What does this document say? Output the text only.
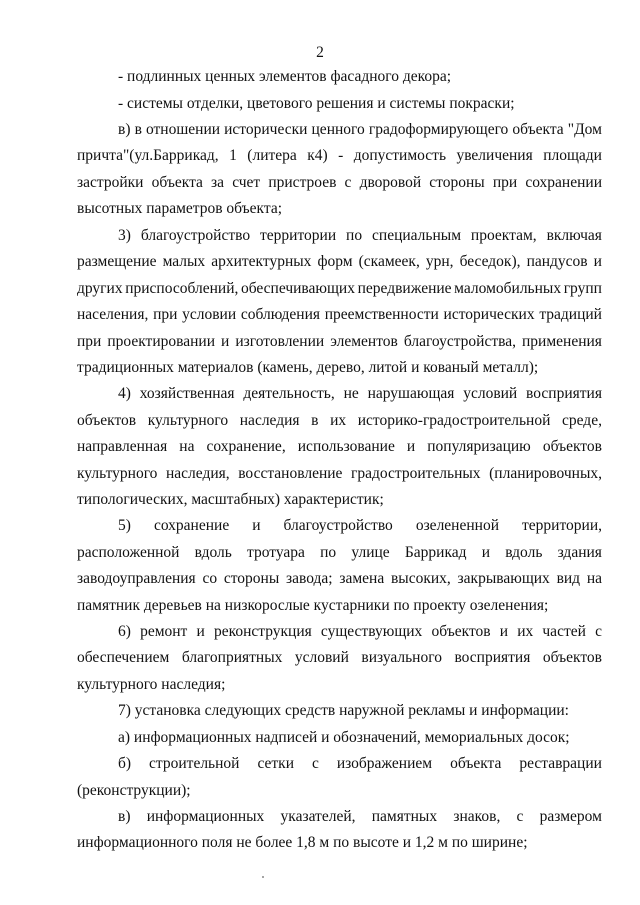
2
- подлинных ценных элементов фасадного декора;
- системы отделки, цветового решения и системы покраски;
в) в отношении исторически ценного градоформирующего объекта "Дом
причта"(ул.Баррикад, 1 (литера к4) - допустимость увеличения площади
застройки объекта за счет пристроев с дворовой стороны при сохранении
высотных параметров объекта;
3) благоустройство территории по специальным проектам, включая
размещение малых архитектурных форм (скамеек, урн, беседок), пандусов и
других приспособлений, обеспечивающих передвижение маломобильных групп
населения, при условии соблюдения преемственности исторических традиций
при проектировании и изготовлении элементов благоустройства, применения
традиционных материалов (камень, дерево, литой и кованый металл);
4) хозяйственная деятельность, не нарушающая условий восприятия
объектов культурного наследия в их историко-градостроительной среде,
направленная на сохранение, использование и популяризацию объектов
культурного наследия, восстановление градостроительных (планировочных,
типологических, масштабных) характеристик;
5) сохранение и благоустройство озелененной территории,
расположенной вдоль тротуара по улице Баррикад и вдоль здания
заводоуправления со стороны завода; замена высоких, закрывающих вид на
памятник деревьев на низкорослые кустарники по проекту озеленения;
6) ремонт и реконструкция существующих объектов и их частей с
обеспечением благоприятных условий визуального восприятия объектов
культурного наследия;
7) установка следующих средств наружной рекламы и информации:
а) информационных надписей и обозначений, мемориальных досок;
б) строительной сетки с изображением объекта реставрации
(реконструкции);
в) информационных указателей, памятных знаков, с размером
информационного поля не более 1,8 м по высоте и 1,2 м по ширине;
